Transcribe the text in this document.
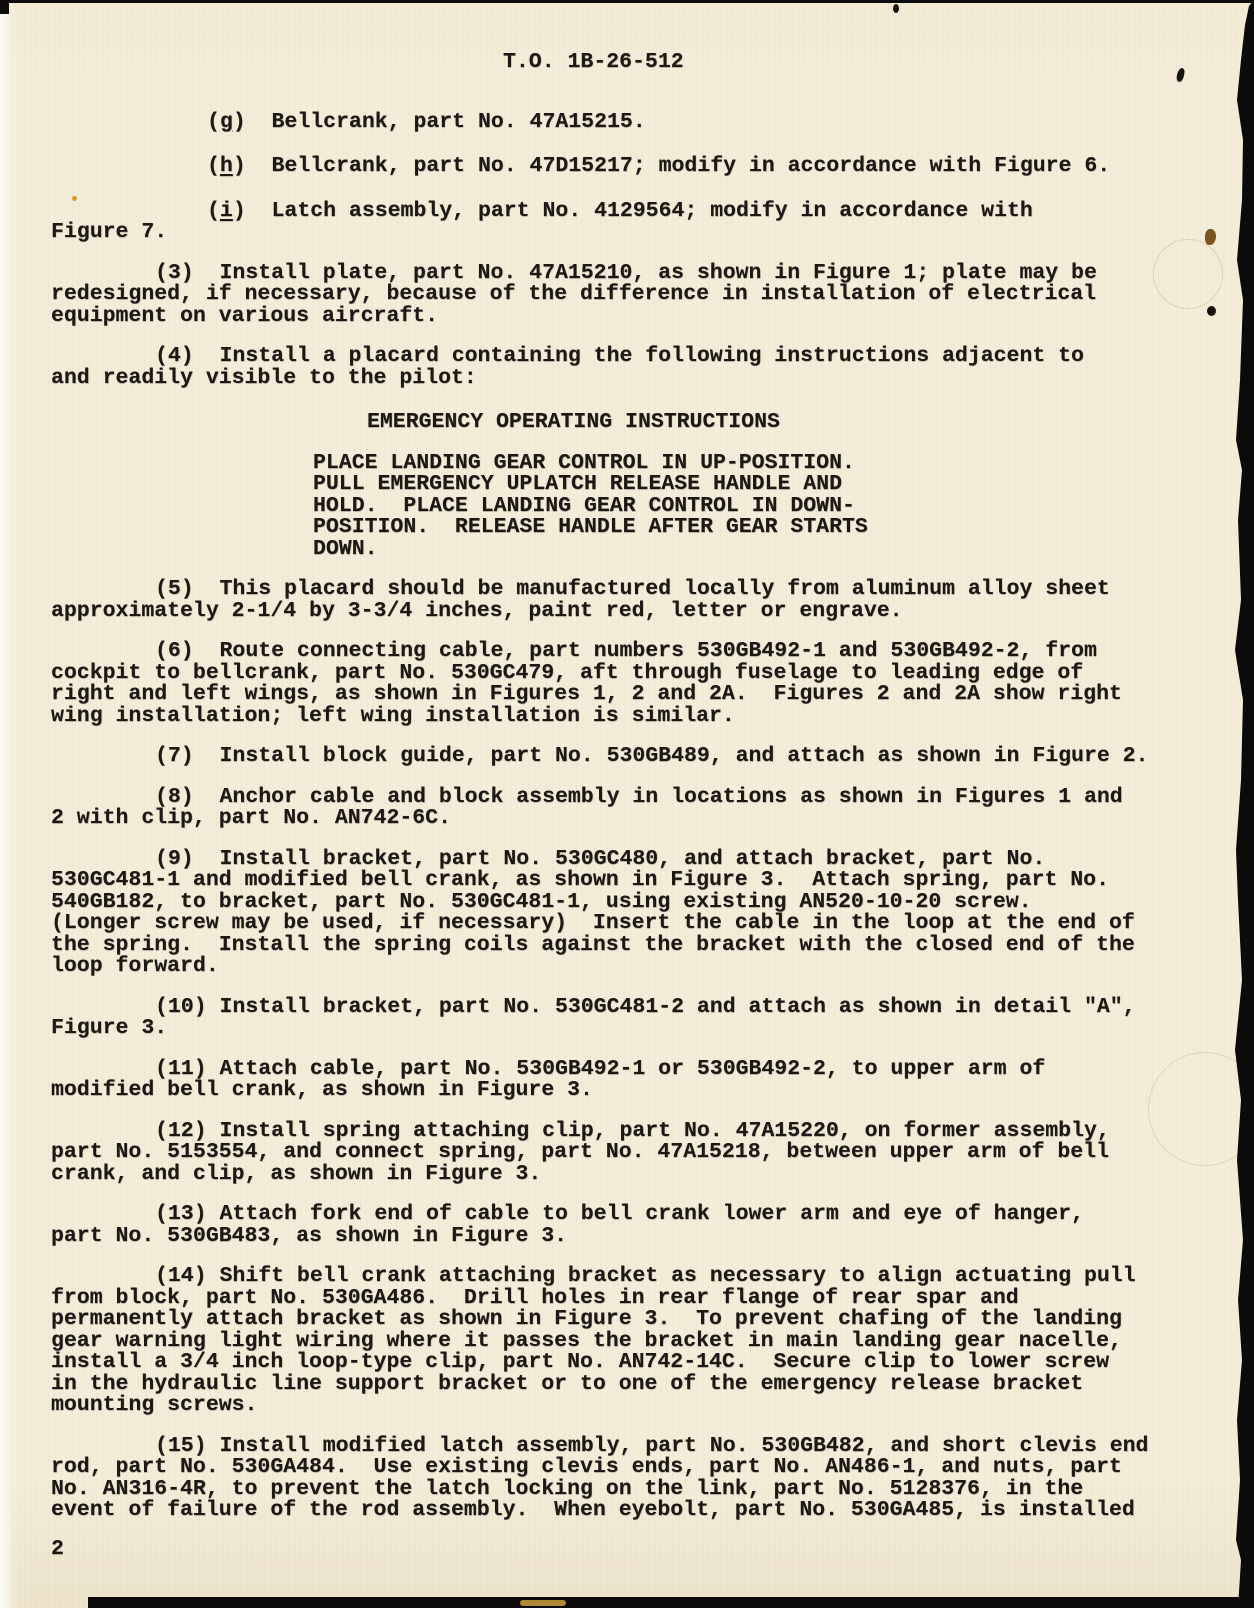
T.O. 1B-26-512
(g)  Bellcrank, part No. 47A15215.
(h)  Bellcrank, part No. 47D15217; modify in accordance with Figure 6.
(i)  Latch assembly, part No. 4129564; modify in accordance with
Figure 7.
(3)  Install plate, part No. 47A15210, as shown in Figure 1; plate may be
redesigned, if necessary, because of the difference in installation of electrical
equipment on various aircraft.
(4)  Install a placard containing the following instructions adjacent to
and readily visible to the pilot:
EMERGENCY OPERATING INSTRUCTIONS
PLACE LANDING GEAR CONTROL IN UP-POSITION.
PULL EMERGENCY UPLATCH RELEASE HANDLE AND
HOLD.  PLACE LANDING GEAR CONTROL IN DOWN-
POSITION.  RELEASE HANDLE AFTER GEAR STARTS
DOWN.
(5)  This placard should be manufactured locally from aluminum alloy sheet
approximately 2-1/4 by 3-3/4 inches, paint red, letter or engrave.
(6)  Route connecting cable, part numbers 530GB492-1 and 530GB492-2, from
cockpit to bellcrank, part No. 530GC479, aft through fuselage to leading edge of
right and left wings, as shown in Figures 1, 2 and 2A.  Figures 2 and 2A show right
wing installation; left wing installation is similar.
(7)  Install block guide, part No. 530GB489, and attach as shown in Figure 2.
(8)  Anchor cable and block assembly in locations as shown in Figures 1 and
2 with clip, part No. AN742-6C.
(9)  Install bracket, part No. 530GC480, and attach bracket, part No.
530GC481-1 and modified bell crank, as shown in Figure 3.  Attach spring, part No.
540GB182, to bracket, part No. 530GC481-1, using existing AN520-10-20 screw.
(Longer screw may be used, if necessary)  Insert the cable in the loop at the end of
the spring.  Install the spring coils against the bracket with the closed end of the
loop forward.
(10) Install bracket, part No. 530GC481-2 and attach as shown in detail "A",
Figure 3.
(11) Attach cable, part No. 530GB492-1 or 530GB492-2, to upper arm of
modified bell crank, as shown in Figure 3.
(12) Install spring attaching clip, part No. 47A15220, on former assembly,
part No. 5153554, and connect spring, part No. 47A15218, between upper arm of bell
crank, and clip, as shown in Figure 3.
(13) Attach fork end of cable to bell crank lower arm and eye of hanger,
part No. 530GB483, as shown in Figure 3.
(14) Shift bell crank attaching bracket as necessary to align actuating pull
from block, part No. 530GA486.  Drill holes in rear flange of rear spar and
permanently attach bracket as shown in Figure 3.  To prevent chafing of the landing
gear warning light wiring where it passes the bracket in main landing gear nacelle,
install a 3/4 inch loop-type clip, part No. AN742-14C.  Secure clip to lower screw
in the hydraulic line support bracket or to one of the emergency release bracket
mounting screws.
(15) Install modified latch assembly, part No. 530GB482, and short clevis end
rod, part No. 530GA484.  Use existing clevis ends, part No. AN486-1, and nuts, part
No. AN316-4R, to prevent the latch locking on the link, part No. 5128376, in the
event of failure of the rod assembly.  When eyebolt, part No. 530GA485, is installed
2
